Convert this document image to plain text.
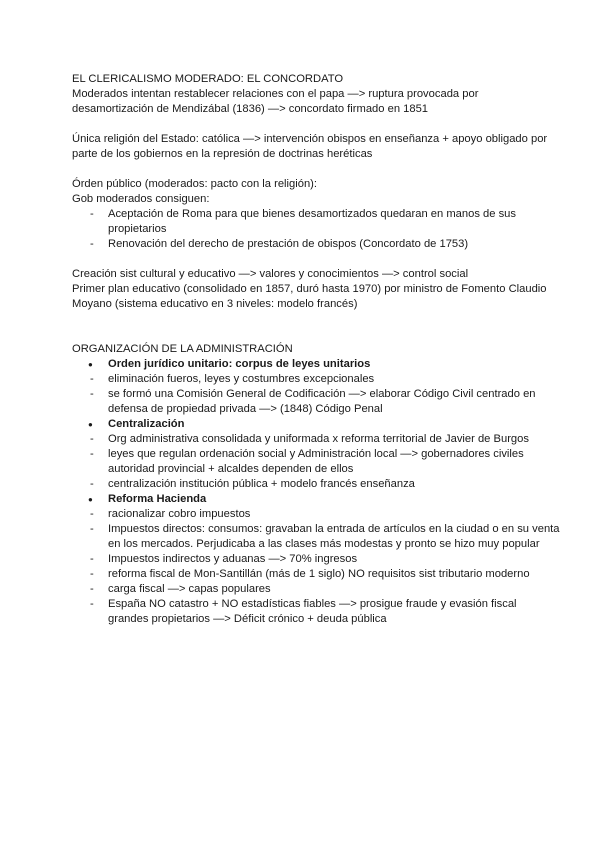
EL CLERICALISMO MODERADO: EL CONCORDATO

Moderados intentan restablecer relaciones con el papa —> ruptura provocada por desamortización de Mendizábal (1836) —> concordato firmado en 1851

Única religión del Estado: católica —> intervención obispos en enseñanza + apoyo obligado por parte de los gobiernos en la represión de doctrinas heréticas

Órden público (moderados: pacto con la religión):

Gob moderados consiguen:

- Aceptación de Roma para que bienes desamortizados quedaran en manos de sus propietarios
- Renovación del derecho de prestación de obispos (Concordato de 1753)

Creación sist cultural y educativo —> valores y conocimientos —> control social

Primer plan educativo (consolidado en 1857, duró hasta 1970) por ministro de Fomento Claudio Moyano (sistema educativo en 3 niveles: modelo francés)

ORGANIZACIÓN DE LA ADMINISTRACIÓN

● Orden jurídico unitario: corpus de leyes unitarios
- eliminación fueros, leyes y costumbres excepcionales
- se formó una Comisión General de Codificación —> elaborar Código Civil centrado en defensa de propiedad privada —> (1848) Código Penal
● Centralización
- Org administrativa consolidada y uniformada x reforma territorial de Javier de Burgos
- leyes que regulan ordenación social y Administración local —> gobernadores civiles autoridad provincial + alcaldes dependen de ellos
- centralización institución pública + modelo francés enseñanza
● Reforma Hacienda
- racionalizar cobro impuestos
- Impuestos directos: consumos: gravaban la entrada de artículos en la ciudad o en su venta en los mercados. Perjudicaba a las clases más modestas y pronto se hizo muy popular
- Impuestos indirectos y aduanas —> 70% ingresos
- reforma fiscal de Mon-Santillán (más de 1 siglo) NO requisitos sist tributario moderno
- carga fiscal —> capas populares
- España NO catastro + NO estadísticas fiables —> prosigue fraude y evasión fiscal grandes propietarios —> Déficit crónico + deuda pública
